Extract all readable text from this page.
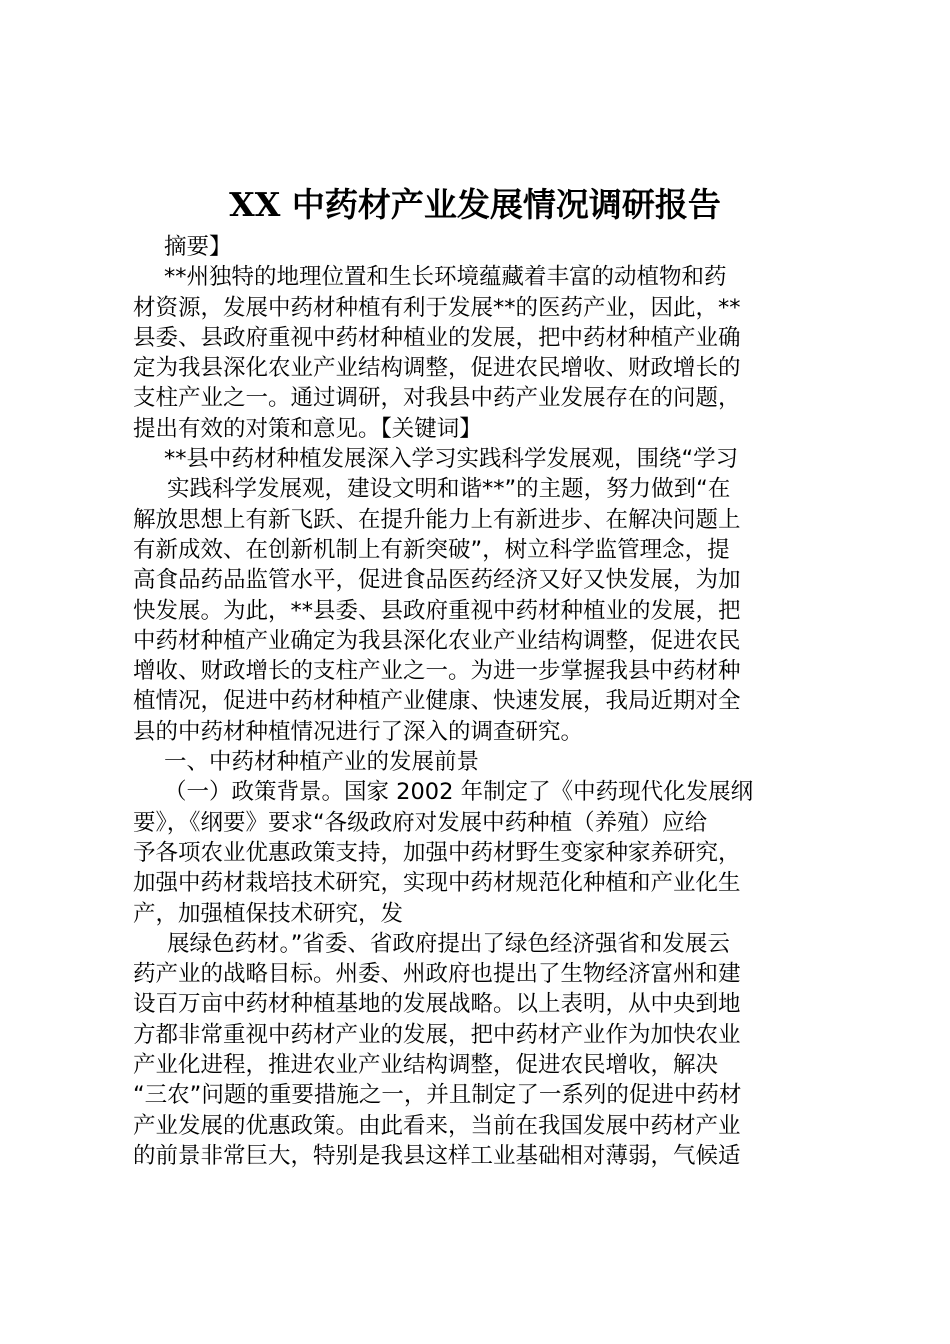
XX 中药材产业发展情况调研报告
摘要】
**州独特的地理位置和生长环境蕴藏着丰富的动植物和药
材资源，发展中药材种植有利于发展**的医药产业，因此，**
县委、县政府重视中药材种植业的发展，把中药材种植产业确
定为我县深化农业产业结构调整，促进农民增收、财政增长的
支柱产业之一。通过调研，对我县中药产业发展存在的问题，
提出有效的对策和意见。【关键词】
**县中药材种植发展深入学习实践科学发展观，围绕“学习
实践科学发展观，建设文明和谐**”的主题，努力做到“在
解放思想上有新飞跃、在提升能力上有新进步、在解决问题上
有新成效、在创新机制上有新突破”，树立科学监管理念，提
高食品药品监管水平，促进食品医药经济又好又快发展，为加
快发展。为此，**县委、县政府重视中药材种植业的发展，把
中药材种植产业确定为我县深化农业产业结构调整，促进农民
增收、财政增长的支柱产业之一。为进一步掌握我县中药材种
植情况，促进中药材种植产业健康、快速发展，我局近期对全
县的中药材种植情况进行了深入的调查研究。
一、中药材种植产业的发展前景
（一）政策背景。国家 2002 年制定了《中药现代化发展纲
要》，《纲要》要求“各级政府对发展中药种植（养殖）应给
予各项农业优惠政策支持，加强中药材野生变家种家养研究，
加强中药材栽培技术研究，实现中药材规范化种植和产业化生
产，加强植保技术研究，发
展绿色药材。”省委、省政府提出了绿色经济强省和发展云
药产业的战略目标。州委、州政府也提出了生物经济富州和建
设百万亩中药材种植基地的发展战略。以上表明，从中央到地
方都非常重视中药材产业的发展，把中药材产业作为加快农业
产业化进程，推进农业产业结构调整，促进农民增收，解决
“三农”问题的重要措施之一，并且制定了一系列的促进中药材
产业发展的优惠政策。由此看来，当前在我国发展中药材产业
的前景非常巨大，特别是我县这样工业基础相对薄弱，气候适
